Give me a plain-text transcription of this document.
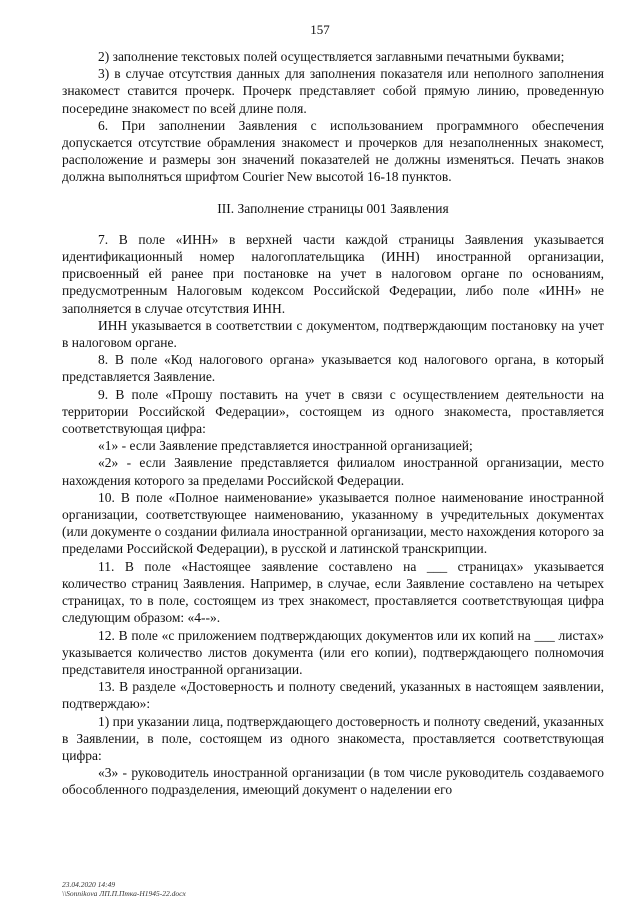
157

2) заполнение текстовых полей осуществляется заглавными печатными буквами;

3) в случае отсутствия данных для заполнения показателя или неполного заполнения знакомест ставится прочерк. Прочерк представляет собой прямую линию, проведенную посередине знакомест по всей длине поля.

6. При заполнении Заявления с использованием программного обеспечения допускается отсутствие обрамления знакомест и прочерков для незаполненных знакомест, расположение и размеры зон значений показателей не должны изменяться. Печать знаков должна выполняться шрифтом Courier New высотой 16-18 пунктов.

III. Заполнение страницы 001 Заявления

7. В поле «ИНН» в верхней части каждой страницы Заявления указывается идентификационный номер налогоплательщика (ИНН) иностранной организации, присвоенный ей ранее при постановке на учет в налоговом органе по основаниям, предусмотренным Налоговым кодексом Российской Федерации, либо поле «ИНН» не заполняется в случае отсутствия ИНН.

ИНН указывается в соответствии с документом, подтверждающим постановку на учет в налоговом органе.

8. В поле «Код налогового органа» указывается код налогового органа, в который представляется Заявление.

9. В поле «Прошу поставить на учет в связи с осуществлением деятельности на территории Российской Федерации», состоящем из одного знакоместа, проставляется соответствующая цифра:

«1» - если Заявление представляется иностранной организацией;

«2» - если Заявление представляется филиалом иностранной организации, место нахождения которого за пределами Российской Федерации.

10. В поле «Полное наименование» указывается полное наименование иностранной организации, соответствующее наименованию, указанному в учредительных документах (или документе о создании филиала иностранной организации, место нахождения которого за пределами Российской Федерации), в русской и латинской транскрипции.

11. В поле «Настоящее заявление составлено на ___ страницах» указывается количество страниц Заявления. Например, в случае, если Заявление составлено на четырех страницах, то в поле, состоящем из трех знакомест, проставляется соответствующая цифра следующим образом: «4--».

12. В поле «с приложением подтверждающих документов или их копий на ___ листах» указывается количество листов документа (или его копии), подтверждающего полномочия представителя иностранной организации.

13. В разделе «Достоверность и полноту сведений, указанных в настоящем заявлении, подтверждаю»:

1) при указании лица, подтверждающего достоверность и полноту сведений, указанных в Заявлении, в поле, состоящем из одного знакоместа, проставляется соответствующая цифра:

«3» - руководитель иностранной организации (в том числе руководитель создаваемого обособленного подразделения, имеющий документ о наделении его

23.04.2020 14:49
\\Sonnikova ЛП.П.Птка-Н1945-22.docx
